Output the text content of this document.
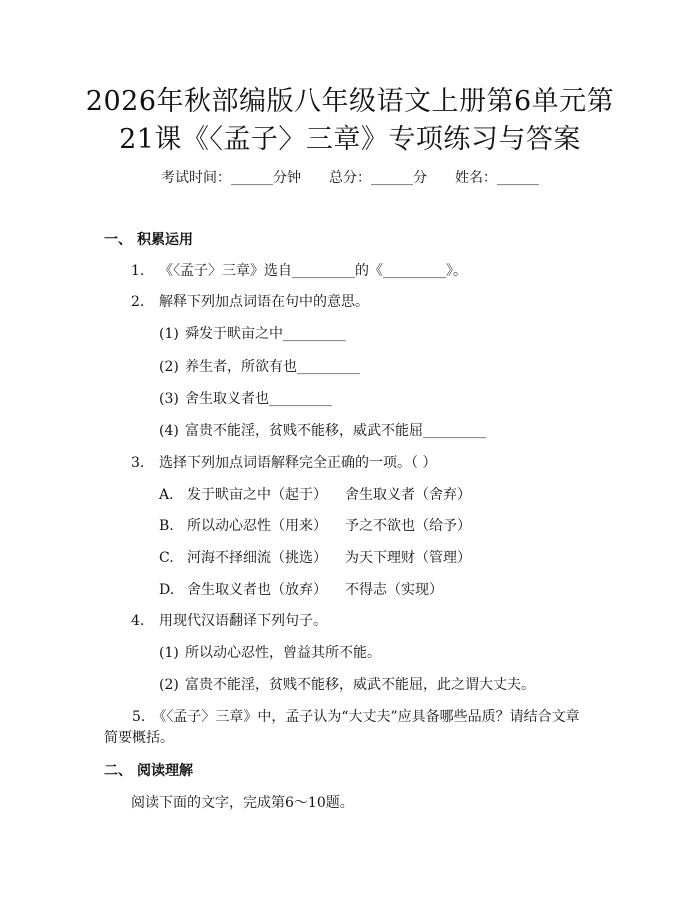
2026年秋部编版八年级语文上册第6单元第
21课《〈孟子〉三章》专项练习与答案
考试时间：______分钟 总分：______分 姓名：______
一、 积累运用
1. 《〈孟子〉三章》选自_________的《_________》。
2. 解释下列加点词语在句中的意思。
(1) 舜发于畎亩之中_________
(2) 养生者，所欲有也_________
(3) 舍生取义者也_________
(4) 富贵不能淫，贫贱不能移，威武不能屈_________
3. 选择下列加点词语解释完全正确的一项。（ ）
A. 发于畎亩之中（起于） 舍生取义者（舍弃）
B. 所以动心忍性（用来） 予之不欲也（给予）
C. 河海不择细流（挑选） 为天下理财（管理）
D. 舍生取义者也（放弃） 不得志（实现）
4. 用现代汉语翻译下列句子。
(1) 所以动心忍性，曾益其所不能。
(2) 富贵不能淫，贫贱不能移，威武不能屈，此之谓大丈夫。
5.　《〈孟子〉三章》中，孟子认为“大丈夫”应具备哪些品质？请结合文章简要概括。
二、 阅读理解
阅读下面的文字，完成第6～10题。
